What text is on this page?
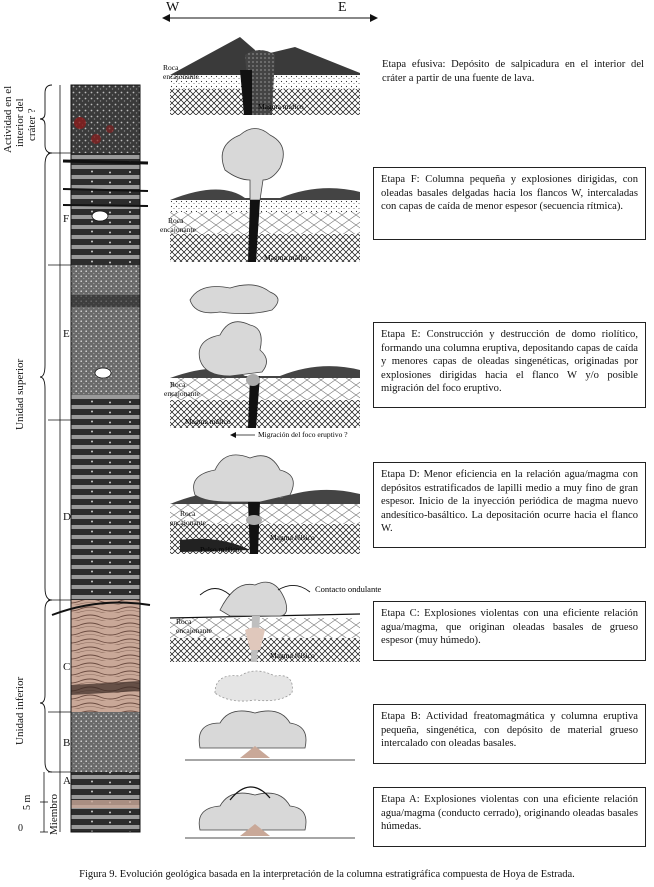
W	E
Actividad en el interior del cráter ?
Unidad superior
Unidad inferior
Miembro
5 m
0
F
E
D
C
B
A
Roca
encajonante
Magma máfico
Roca
encajonante
Magma máfico
Roca
encajonante
Magma máfico
Migración del foco eruptivo ?
Roca
encajonante
Magma félsico
Pulso máfico
Roca
encajonante
Magma félsico
Contacto ondulante
Etapa efusiva: Depósito de salpicadura en el interior del cráter a partir de una fuente de lava.
Etapa F: Columna pequeña y explosiones dirigidas, con oleadas basales delgadas hacia los flancos W, intercaladas con capas de caída de menor espesor (secuencia rítmica).
Etapa E: Construcción y destrucción de domo riolítico, formando una columna eruptiva, depositando capas de caída y menores capas de oleadas singenéticas, originadas por explosiones dirigidas hacia el flanco W y/o posible migración del foco eruptivo.
Etapa D: Menor eficiencia en la relación agua/magma con depósitos estratificados de lapilli medio a muy fino de gran espesor. Inicio de la inyección periódica de magma nuevo andesítico-basáltico. La depositación ocurre hacia el flanco W.
Etapa C: Explosiones violentas con una eficiente relación agua/magma, que originan oleadas basales de grueso espesor (muy húmedo).
Etapa B: Actividad freatomagmática y columna eruptiva pequeña, singenética, con depósito de material grueso intercalado con oleadas basales.
Etapa A: Explosiones violentas con una eficiente relación agua/magma (conducto cerrado), originando oleadas basales húmedas.
Figura 9. Evolución geológica basada en la interpretación de la columna estratigráfica compuesta de Hoya de Estrada.
